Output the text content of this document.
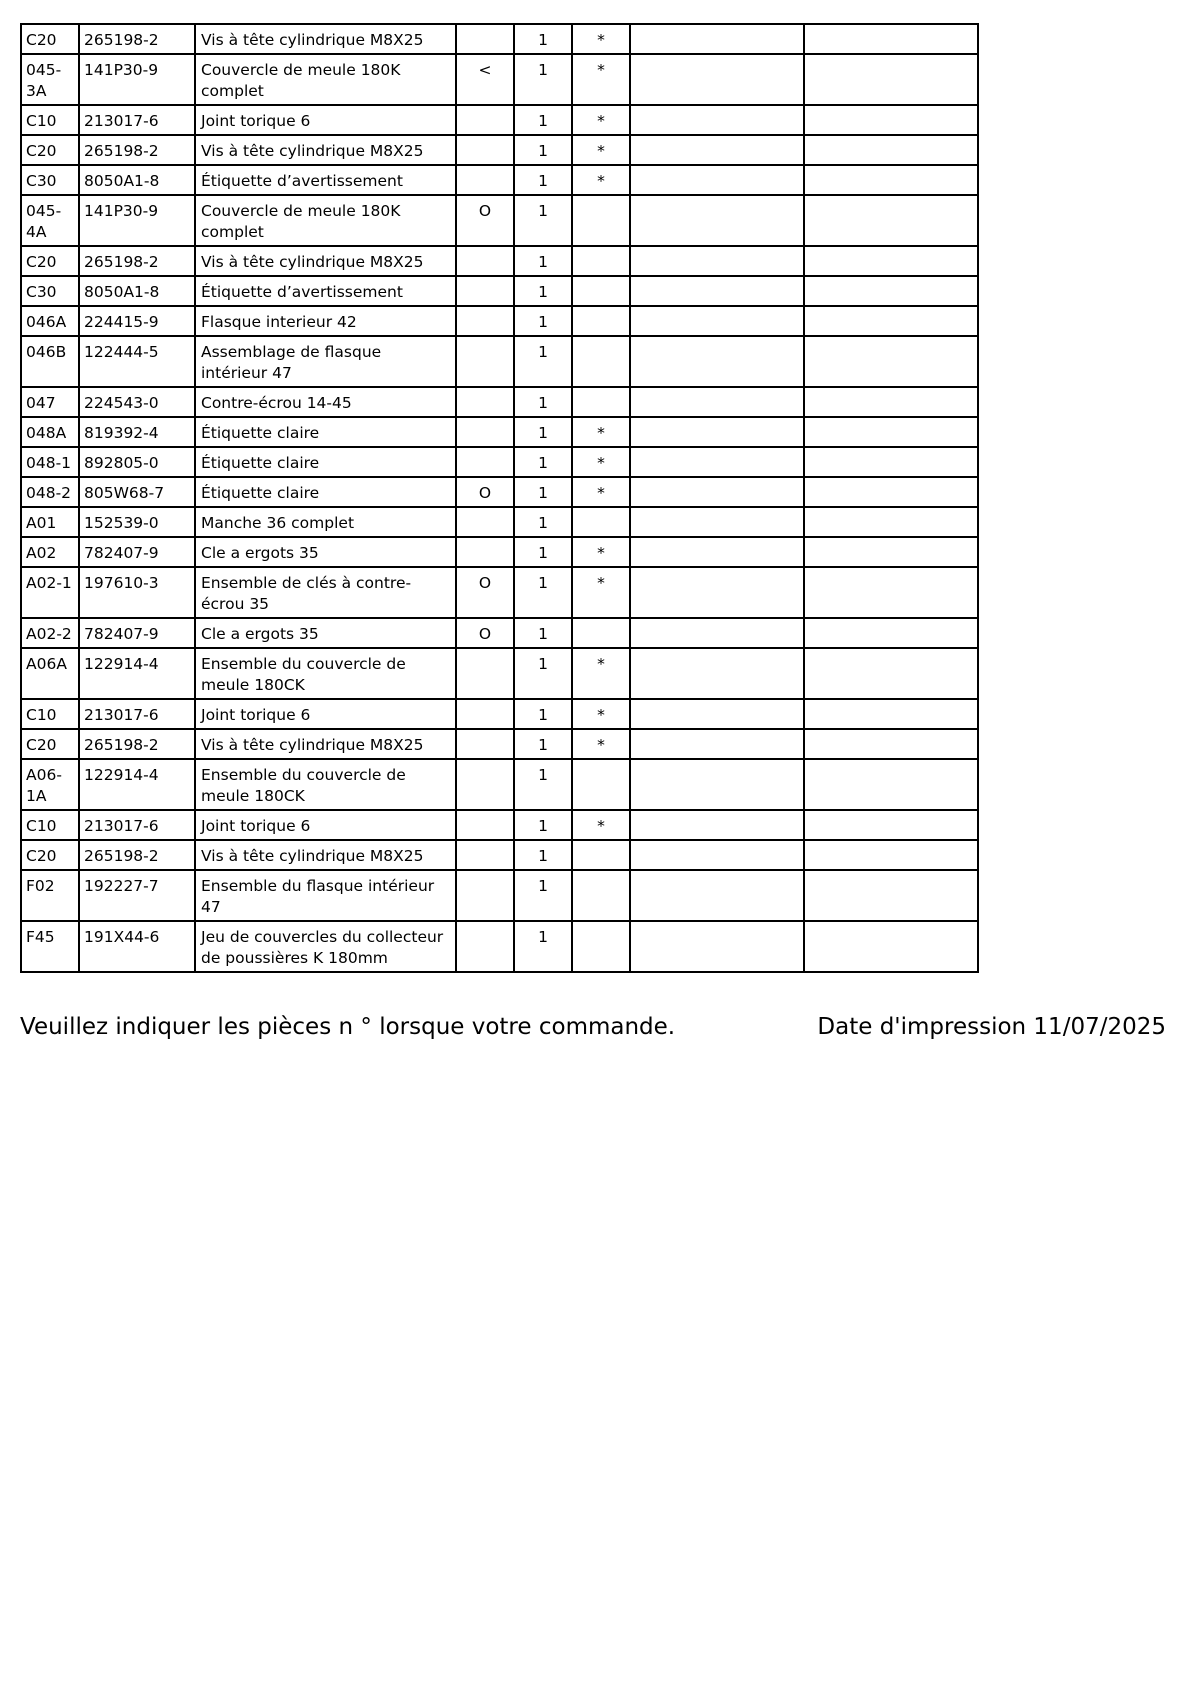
C20	265198-2	Vis à tête cylindrique M8X25		1	*		
045-3A	141P30-9	Couvercle de meule 180K complet	<	1	*		
C10	213017-6	Joint torique 6		1	*		
C20	265198-2	Vis à tête cylindrique M8X25		1	*		
C30	8050A1-8	Étiquette d’avertissement		1	*		
045-4A	141P30-9	Couvercle de meule 180K complet	O	1			
C20	265198-2	Vis à tête cylindrique M8X25		1			
C30	8050A1-8	Étiquette d’avertissement		1			
046A	224415-9	Flasque interieur 42		1			
046B	122444-5	Assemblage de flasque intérieur 47		1			
047	224543-0	Contre-écrou 14-45		1			
048A	819392-4	Étiquette claire		1	*		
048-1	892805-0	Étiquette claire		1	*		
048-2	805W68-7	Étiquette claire	O	1	*		
A01	152539-0	Manche 36 complet		1			
A02	782407-9	Cle a ergots 35		1	*		
A02-1	197610-3	Ensemble de clés à contre-écrou 35	O	1	*		
A02-2	782407-9	Cle a ergots 35	O	1			
A06A	122914-4	Ensemble du couvercle de meule 180CK		1	*		
C10	213017-6	Joint torique 6		1	*		
C20	265198-2	Vis à tête cylindrique M8X25		1	*		
A06-1A	122914-4	Ensemble du couvercle de meule 180CK		1			
C10	213017-6	Joint torique 6		1	*		
C20	265198-2	Vis à tête cylindrique M8X25		1			
F02	192227-7	Ensemble du flasque intérieur 47		1			
F45	191X44-6	Jeu de couvercles du collecteur de poussières K 180mm		1			
Veuillez indiquer les pièces n ° lorsque votre commande.	Date d'impression 11/07/2025
